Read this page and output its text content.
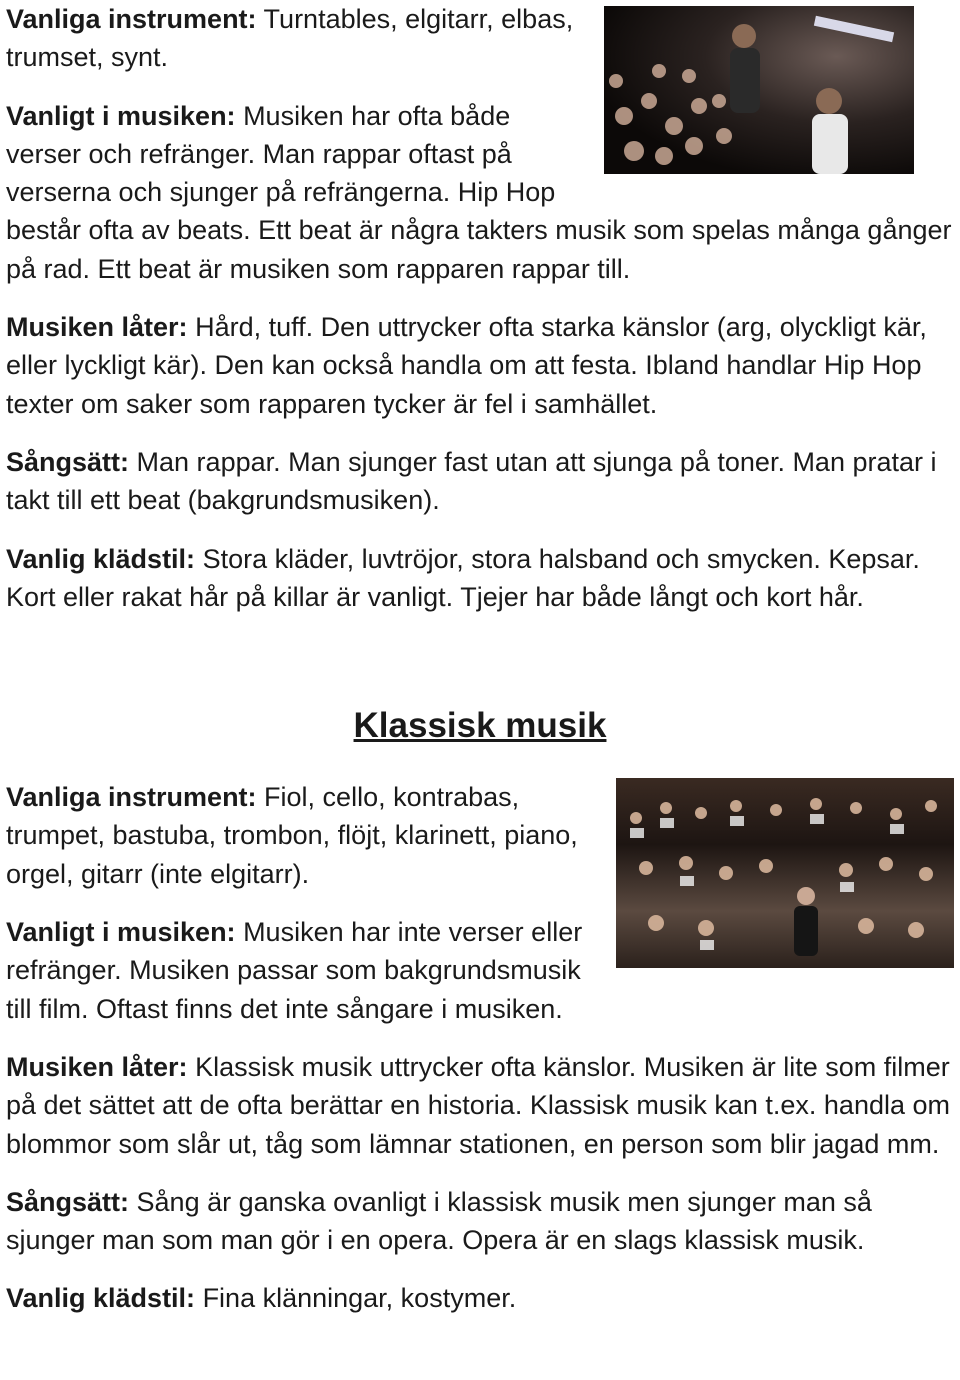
Vanliga instrument: Turntables, elgitarr, elbas, trumset, synt.

Vanligt i musiken: Musiken har ofta både verser och refränger. Man rappar oftast på verserna och sjunger på refrängerna. Hip Hop består ofta av beats. Ett beat är några takters musik som spelas många gånger på rad. Ett beat är musiken som rapparen rappar till.

Musiken låter: Hård, tuff. Den uttrycker ofta starka känslor (arg, olyckligt kär, eller lyckligt kär). Den kan också handla om att festa. Ibland handlar Hip Hop texter om saker som rapparen tycker är fel i samhället.

Sångsätt: Man rappar. Man sjunger fast utan att sjunga på toner. Man pratar i takt till ett beat (bakgrundsmusiken).

Vanlig klädstil: Stora kläder, luvtröjor, stora halsband och smycken. Kepsar. Kort eller rakat hår på killar är vanligt. Tjejer har både långt och kort hår.

Klassisk musik

Vanliga instrument: Fiol, cello, kontrabas, trumpet, bastuba, trombon, flöjt, klarinett, piano, orgel, gitarr (inte elgitarr).

Vanligt i musiken: Musiken har inte verser eller refränger. Musiken passar som bakgrundsmusik till film. Oftast finns det inte sångare i musiken.

Musiken låter: Klassisk musik uttrycker ofta känslor. Musiken är lite som filmer på det sättet att de ofta berättar en historia. Klassisk musik kan t.ex. handla om blommor som slår ut, tåg som lämnar stationen, en person som blir jagad mm.

Sångsätt: Sång är ganska ovanligt i klassisk musik men sjunger man så sjunger man som man gör i en opera. Opera är en slags klassisk musik.

Vanlig klädstil: Fina klänningar, kostymer.
